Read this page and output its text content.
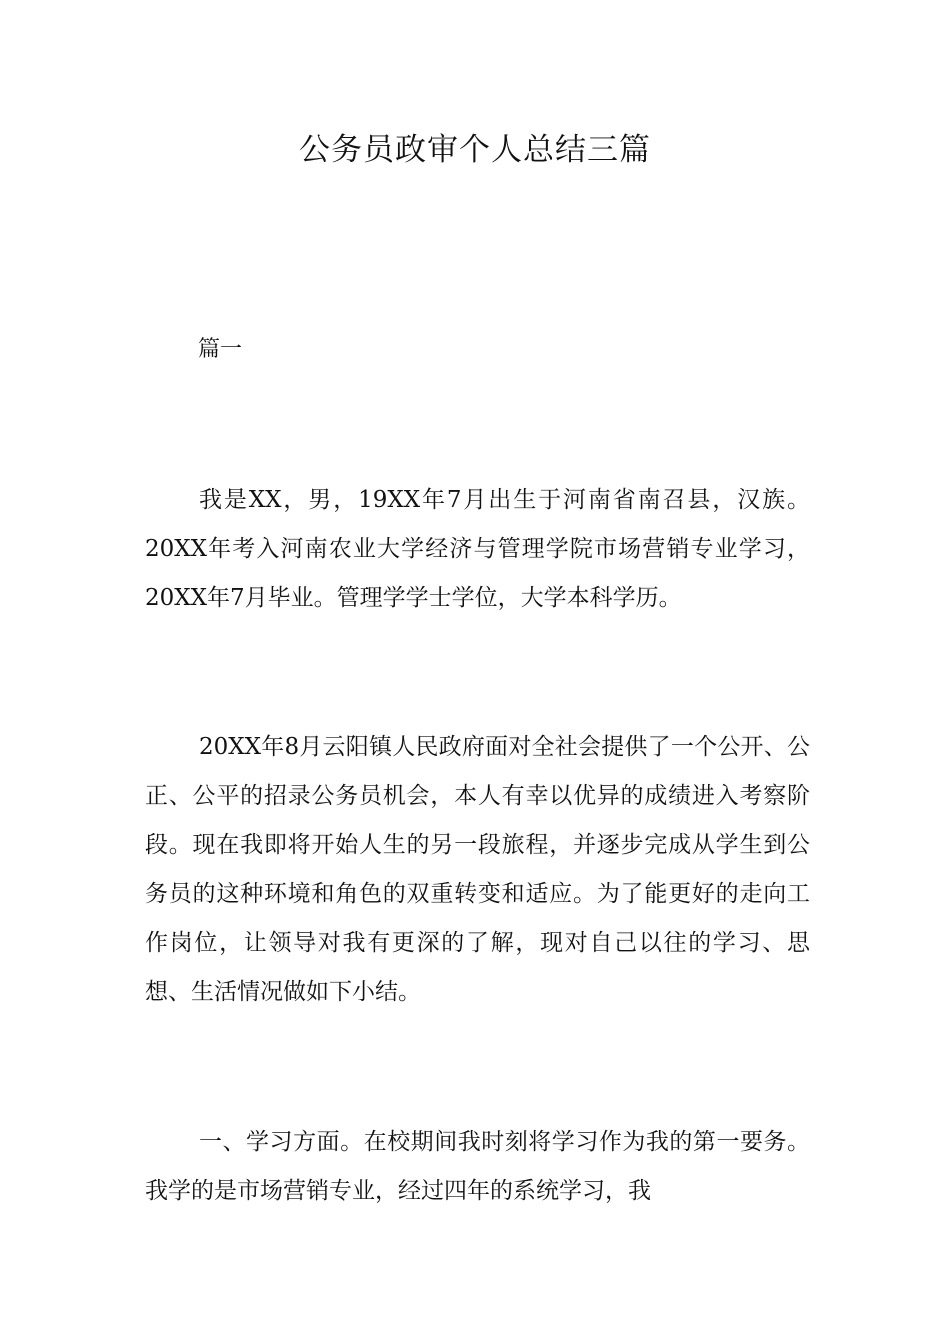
公务员政审个人总结三篇
篇一

我是XX，男，19XX年7月出生于河南省南召县，汉族。20XX年考入河南农业大学经济与管理学院市场营销专业学习，20XX年7月毕业。管理学学士学位，大学本科学历。

20XX年8月云阳镇人民政府面对全社会提供了一个公开、公正、公平的招录公务员机会，本人有幸以优异的成绩进入考察阶段。现在我即将开始人生的另一段旅程，并逐步完成从学生到公务员的这种环境和角色的双重转变和适应。为了能更好的走向工作岗位，让领导对我有更深的了解，现对自己以往的学习、思想、生活情况做如下小结。

一、学习方面。在校期间我时刻将学习作为我的第一要务。我学的是市场营销专业，经过四年的系统学习，我
